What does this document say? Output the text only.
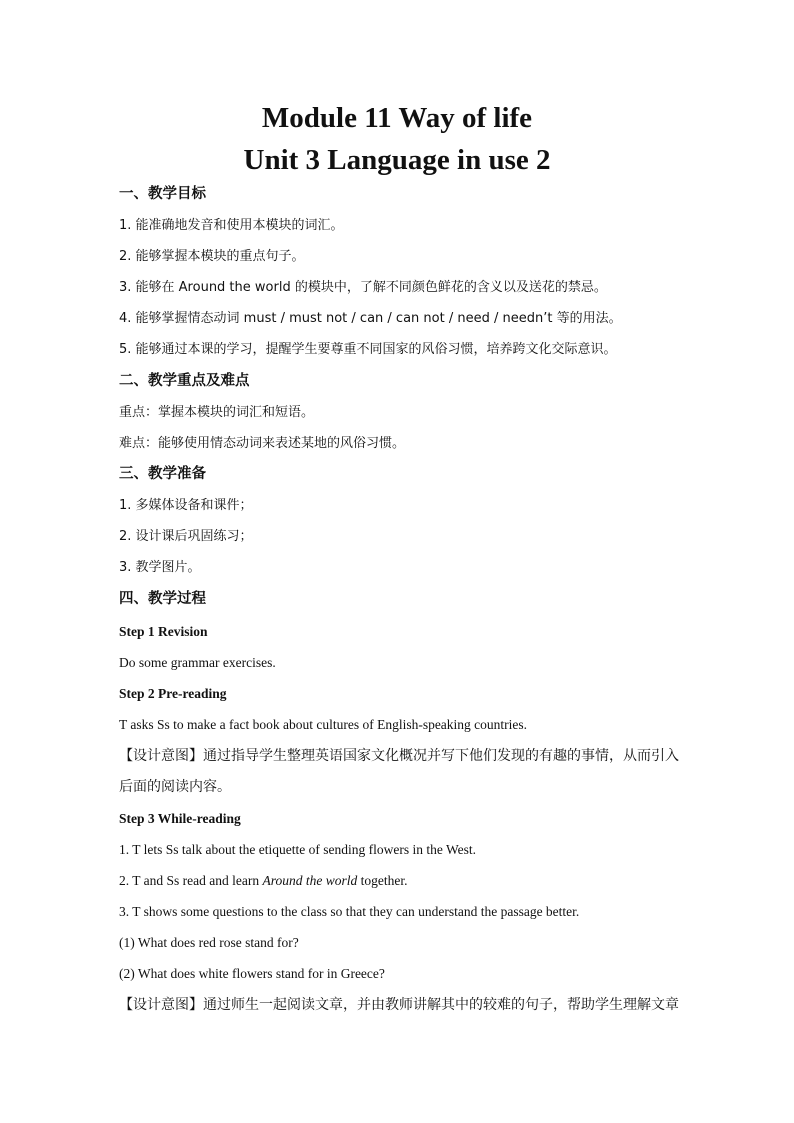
Module 11 Way of life
Unit 3 Language in use 2
一、教学目标
1. 能准确地发音和使用本模块的词汇。
2. 能够掌握本模块的重点句子。
3. 能够在 Around the world 的模块中，了解不同颜色鲜花的含义以及送花的禁忌。
4. 能够掌握情态动词 must / must not / can / can not / need / needn’t 等的用法。
5. 能够通过本课的学习，提醒学生要尊重不同国家的风俗习惯，培养跨文化交际意识。
二、教学重点及难点
重点：掌握本模块的词汇和短语。
难点：能够使用情态动词来表述某地的风俗习惯。
三、教学准备
1. 多媒体设备和课件；
2. 设计课后巩固练习；
3. 教学图片。
四、教学过程
Step 1 Revision
Do some grammar exercises.
Step 2 Pre-reading
T asks Ss to make a fact book about cultures of English-speaking countries.
【设计意图】通过指导学生整理英语国家文化概况并写下他们发现的有趣的事情，从而引入
后面的阅读内容。
Step 3 While-reading
1. T lets Ss talk about the etiquette of sending flowers in the West.
2. T and Ss read and learn Around the world together.
3. T shows some questions to the class so that they can understand the passage better.
(1) What does red rose stand for?
(2) What does white flowers stand for in Greece?
【设计意图】通过师生一起阅读文章，并由教师讲解其中的较难的句子，帮助学生理解文章
